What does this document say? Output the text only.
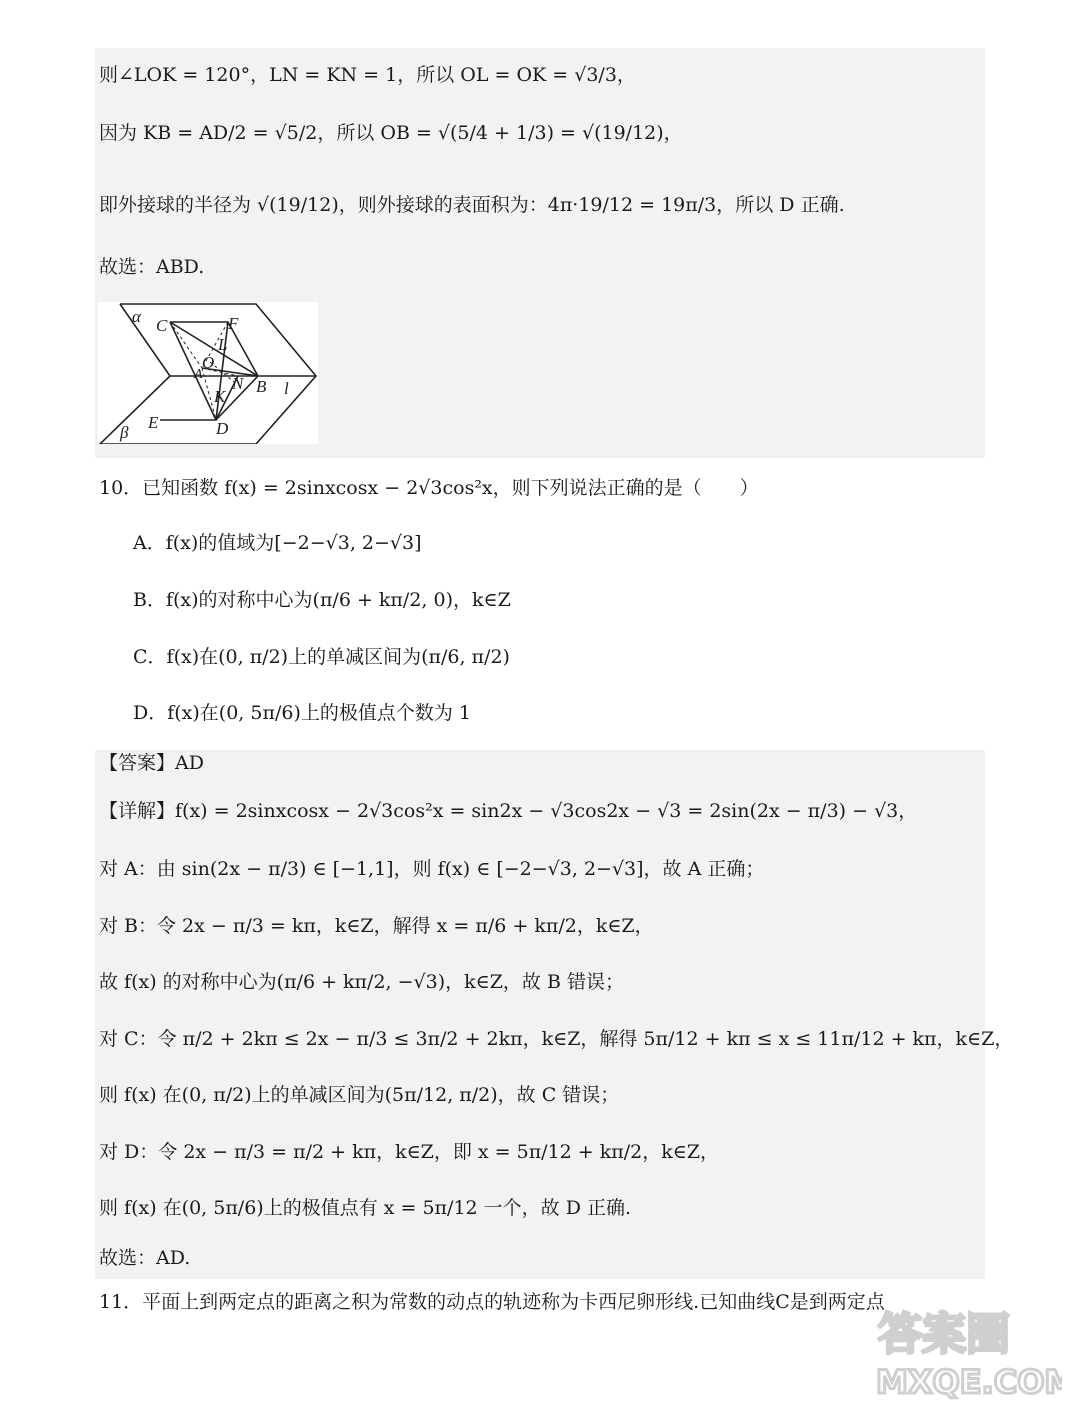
则∠LOK = 120°，LN = KN = 1，所以 OL = OK = √3/3，
因为 KB = AD/2 = √5/2，所以 OB = √(5/4 + 1/3) = √(19/12)，
即外接球的半径为 √(19/12)，则外接球的表面积为：4π·19/12 = 19π/3，所以 D 正确.
故选：ABD.
α C	F
L
O
A N B l
K
E	D
β
10．已知函数 f(x) = 2sinxcosx − 2√3cos²x，则下列说法正确的是（　　）
A．f(x)的值域为[−2−√3, 2−√3]
B．f(x)的对称中心为(π/6 + kπ/2, 0)，k∈Z
C．f(x)在(0, π/2)上的单减区间为(π/6, π/2)
D．f(x)在(0, 5π/6)上的极值点个数为 1
【答案】AD
【详解】f(x) = 2sinxcosx − 2√3cos²x = sin2x − √3cos2x − √3 = 2sin(2x − π/3) − √3，
对 A：由 sin(2x − π/3) ∈ [−1,1]，则 f(x) ∈ [−2−√3, 2−√3]，故 A 正确；
对 B：令 2x − π/3 = kπ，k∈Z，解得 x = π/6 + kπ/2，k∈Z，
故 f(x) 的对称中心为(π/6 + kπ/2, −√3)，k∈Z，故 B 错误；
对 C：令 π/2 + 2kπ ≤ 2x − π/3 ≤ 3π/2 + 2kπ，k∈Z，解得 5π/12 + kπ ≤ x ≤ 11π/12 + kπ，k∈Z，
则 f(x) 在(0, π/2)上的单减区间为(5π/12, π/2)，故 C 错误；
对 D：令 2x − π/3 = π/2 + kπ，k∈Z，即 x = 5π/12 + kπ/2，k∈Z，
则 f(x) 在(0, 5π/6)上的极值点有 x = 5π/12 一个，故 D 正确.
故选：AD.
11．平面上到两定点的距离之积为常数的动点的轨迹称为卡西尼卵形线.已知曲线C是到两定点
答案圈
MXQE.COM
